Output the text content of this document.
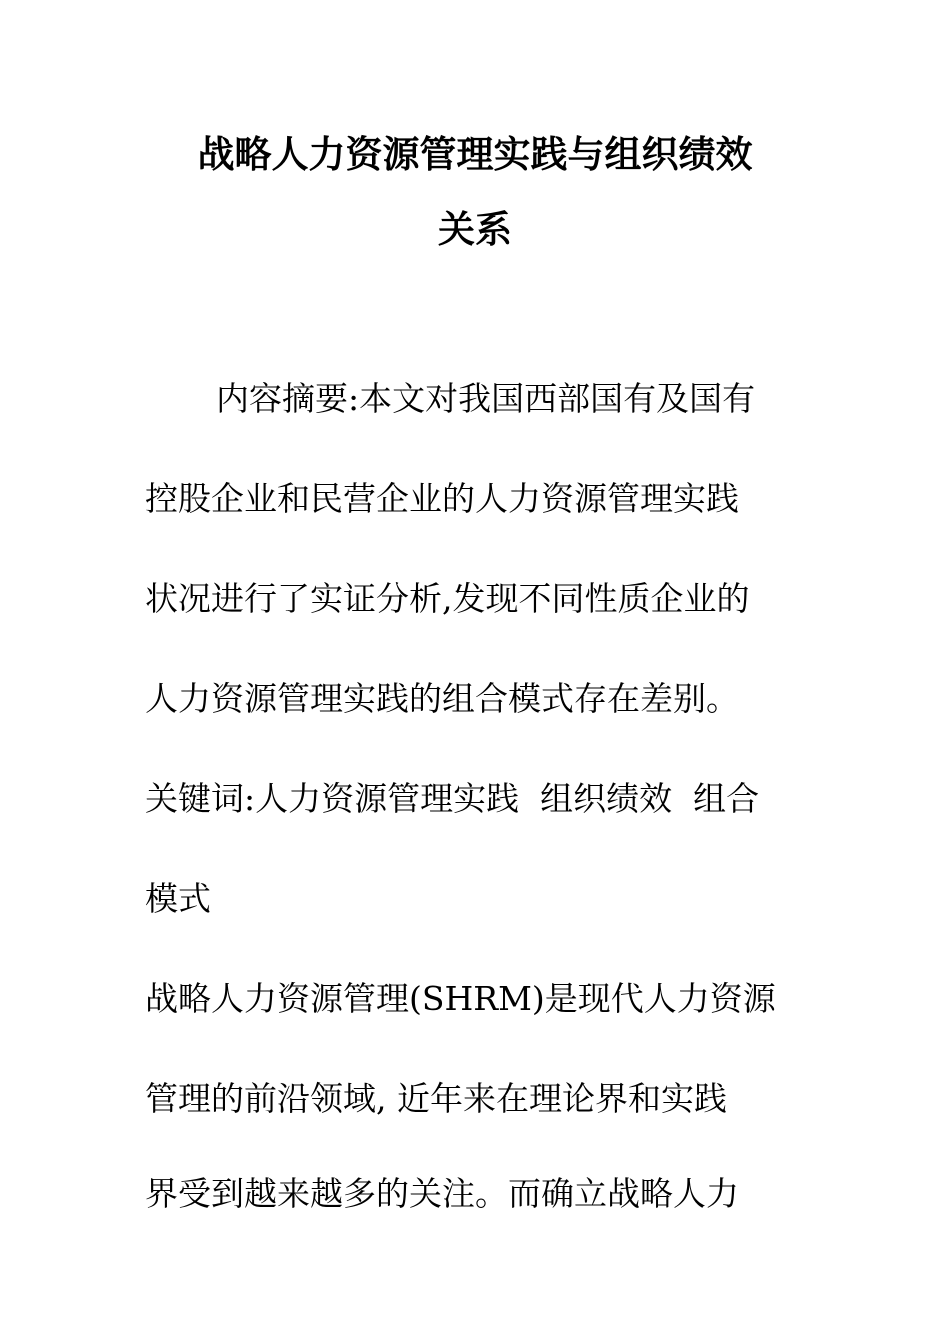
战略人力资源管理实践与组织绩效
关系
内容摘要:本文对我国西部国有及国有
控股企业和民营企业的人力资源管理实践
状况进行了实证分析,发现不同性质企业的
人力资源管理实践的组合模式存在差别。
关键词:人力资源管理实践  组织绩效  组合
模式
战略人力资源管理(SHRM)是现代人力资源
管理的前沿领域, 近年来在理论界和实践
界受到越来越多的关注。而确立战略人力
